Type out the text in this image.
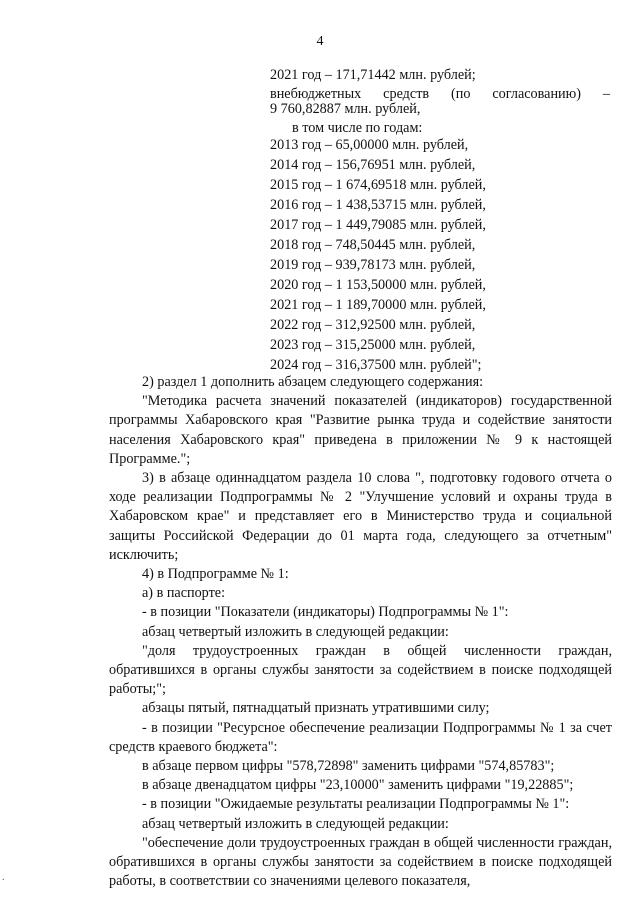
4
2021 год – 171,71442 млн. рублей;
внебюджетных средств (по согласованию) –
9 760,82887 млн. рублей,
в том числе по годам:
2013 год – 65,00000 млн. рублей,
2014 год – 156,76951 млн. рублей,
2015 год – 1 674,69518 млн. рублей,
2016 год – 1 438,53715 млн. рублей,
2017 год – 1 449,79085 млн. рублей,
2018 год – 748,50445 млн. рублей,
2019 год – 939,78173 млн. рублей,
2020 год – 1 153,50000 млн. рублей,
2021 год – 1 189,70000 млн. рублей,
2022 год – 312,92500 млн. рублей,
2023 год – 315,25000 млн. рублей,
2024 год – 316,37500 млн. рублей";

2) раздел 1 дополнить абзацем следующего содержания:

"Методика расчета значений показателей (индикаторов) государственной программы Хабаровского края "Развитие рынка труда и содействие занятости населения Хабаровского края" приведена в приложении № 9 к настоящей Программе.";

3) в абзаце одиннадцатом раздела 10 слова ", подготовку годового отчета о ходе реализации Подпрограммы № 2 "Улучшение условий и охраны труда в Хабаровском крае" и представляет его в Министерство труда и социальной защиты Российской Федерации до 01 марта года, следующего за отчетным" исключить;

4) в Подпрограмме № 1:

а) в паспорте:

- в позиции "Показатели (индикаторы) Подпрограммы № 1":

абзац четвертый изложить в следующей редакции:

"доля трудоустроенных граждан в общей численности граждан, обратившихся в органы службы занятости за содействием в поиске подходящей работы;";

абзацы пятый, пятнадцатый признать утратившими силу;

- в позиции "Ресурсное обеспечение реализации Подпрограммы № 1 за счет средств краевого бюджета":

в абзаце первом цифры "578,72898" заменить цифрами "574,85783";

в абзаце двенадцатом цифры "23,10000" заменить цифрами "19,22885";

- в позиции "Ожидаемые результаты реализации Подпрограммы № 1":

абзац четвертый изложить в следующей редакции:

"обеспечение доли трудоустроенных граждан в общей численности граждан, обратившихся в органы службы занятости за содействием в поиске подходящей работы, в соответствии со значениями целевого показателя,

.
